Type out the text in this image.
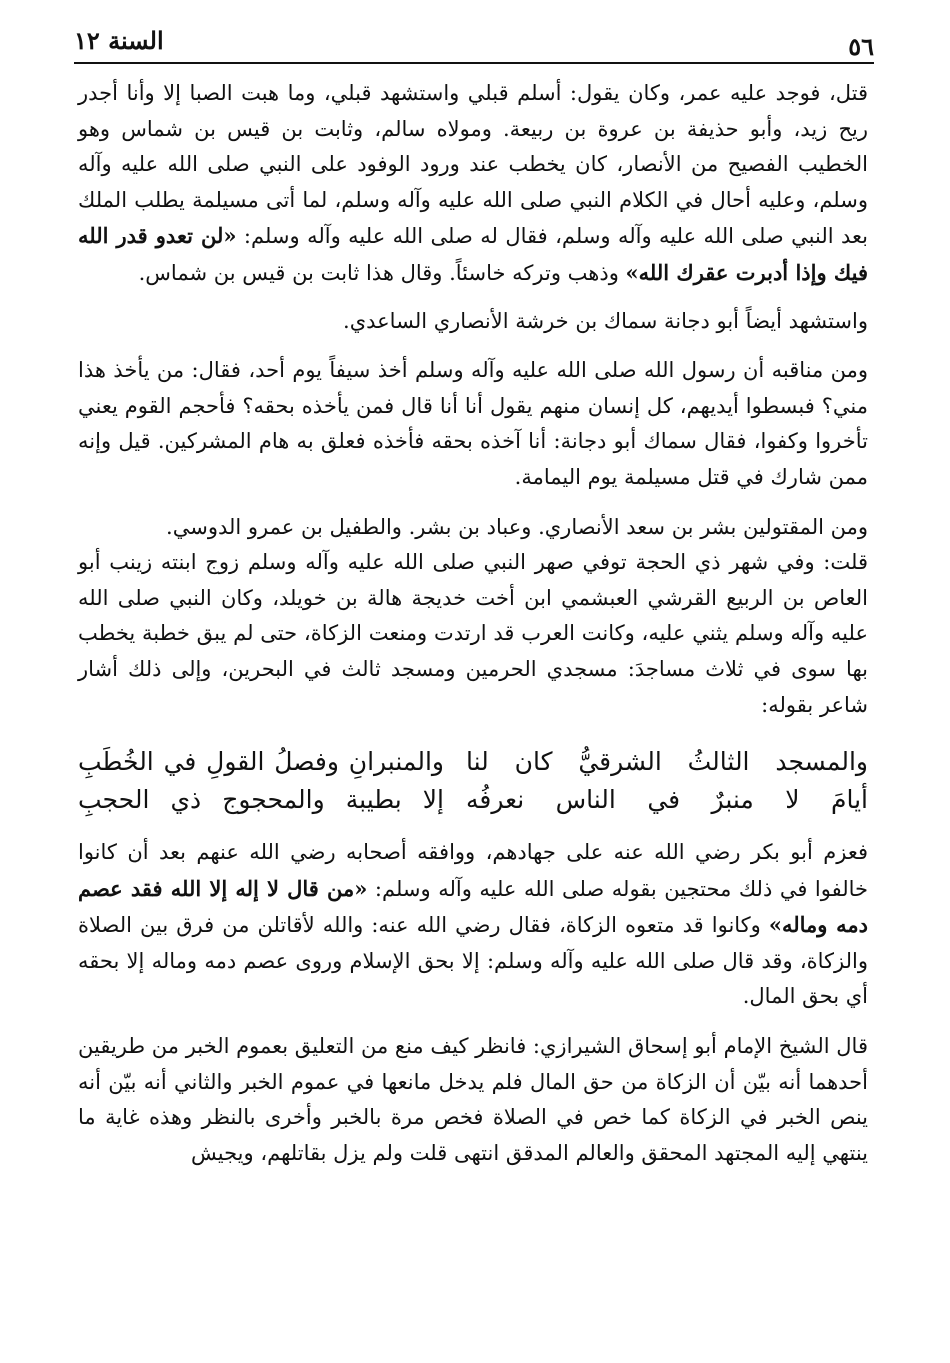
٥٦
السنة ١٢

قتل، فوجد عليه عمر، وكان يقول: أسلم قبلي واستشهد قبلي، وما هبت الصبا إلا وأنا أجدر ريح زيد، وأبو حذيفة بن عروة بن ربيعة. ومولاه سالم، وثابت بن قيس بن شماس وهو الخطيب الفصيح من الأنصار، كان يخطب عند ورود الوفود على النبي صلى الله عليه وآله وسلم، وعليه أحال في الكلام النبي صلى الله عليه وآله وسلم، لما أتى مسيلمة يطلب الملك بعد النبي صلى الله عليه وآله وسلم، فقال له صلى الله عليه وآله وسلم: «لن تعدو قدر الله فيك وإذا أدبرت عقرك الله» وذهب وتركه خاسئاً. وقال هذا ثابت بن قيس بن شماس.

واستشهد أيضاً أبو دجانة سماك بن خرشة الأنصاري الساعدي.

ومن مناقبه أن رسول الله صلى الله عليه وآله وسلم أخذ سيفاً يوم أحد، فقال: من يأخذ هذا مني؟ فبسطوا أيديهم، كل إنسان منهم يقول أنا أنا قال فمن يأخذه بحقه؟ فأحجم القوم يعني تأخروا وكفوا، فقال سماك أبو دجانة: أنا آخذه بحقه فأخذه فعلق به هام المشركين. قيل وإنه ممن شارك في قتل مسيلمة يوم اليمامة.

ومن المقتولين بشر بن سعد الأنصاري. وعباد بن بشر. والطفيل بن عمرو الدوسي.

قلت: وفي شهر ذي الحجة توفي صهر النبي صلى الله عليه وآله وسلم زوج ابنته زينب أبو العاص بن الربيع القرشي العبشمي ابن أخت خديجة هالة بن خويلد، وكان النبي صلى الله عليه وآله وسلم يثني عليه، وكانت العرب قد ارتدت ومنعت الزكاة، حتى لم يبق خطبة يخطب بها سوى في ثلاث مساجدَ: مسجدي الحرمين ومسجد ثالث في البحرين، وإلى ذلك أشار شاعر بقوله:

والمسجد الثالثُ الشرقيُّ كان لنا
والمنبرانِ وفصلُ القولِ في الخُطَبِ
أيامَ لا منبرٌ في الناس نعرفُه
إلا بطيبة والمحجوج ذي الحجبِ

فعزم أبو بكر رضي الله عنه على جهادهم، ووافقه أصحابه رضي الله عنهم بعد أن كانوا خالفوا في ذلك محتجين بقوله صلى الله عليه وآله وسلم: «من قال لا إله إلا الله فقد عصم دمه وماله» وكانوا قد متعوه الزكاة، فقال رضي الله عنه: والله لأقاتلن من فرق بين الصلاة والزكاة، وقد قال صلى الله عليه وآله وسلم: إلا بحق الإسلام وروى عصم دمه وماله إلا بحقه أي بحق المال.

قال الشيخ الإمام أبو إسحاق الشيرازي: فانظر كيف منع من التعليق بعموم الخبر من طريقين أحدهما أنه بيّن أن الزكاة من حق المال فلم يدخل مانعها في عموم الخبر والثاني أنه بيّن أنه ينص الخبر في الزكاة كما خص في الصلاة فخص مرة بالخبر وأخرى بالنظر وهذه غاية ما ينتهي إليه المجتهد المحقق والعالم المدقق انتهى قلت ولم يزل بقاتلهم، ويجيش
